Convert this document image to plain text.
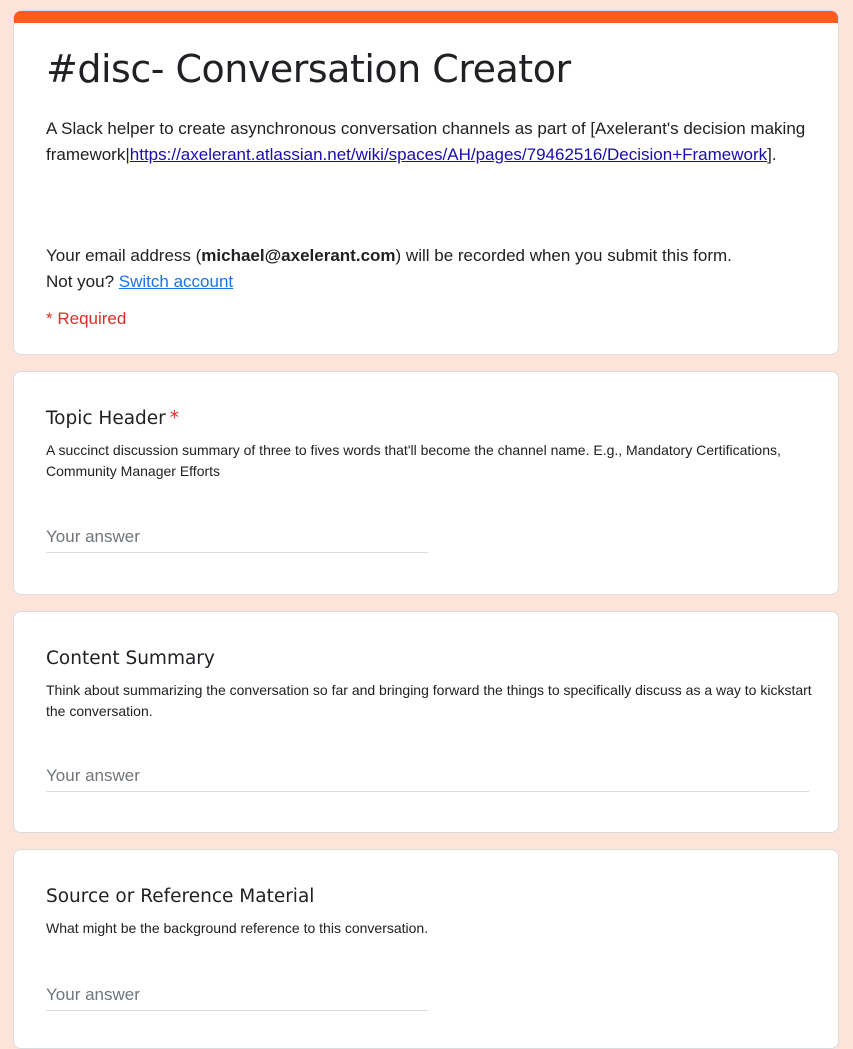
#disc- Conversation Creator

A Slack helper to create asynchronous conversation channels as part of [Axelerant's decision making framework|https://axelerant.atlassian.net/wiki/spaces/AH/pages/79462516/Decision+Framework].

Your email address (michael@axelerant.com) will be recorded when you submit this form.
Not you? Switch account

* Required

Topic Header *

A succinct discussion summary of three to fives words that'll become the channel name. E.g., Mandatory Certifications, Community Manager Efforts

Your answer
Content Summary

Think about summarizing the conversation so far and bringing forward the things to specifically discuss as a way to kickstart the conversation.

Your answer
Source or Reference Material

What might be the background reference to this conversation.

Your answer
